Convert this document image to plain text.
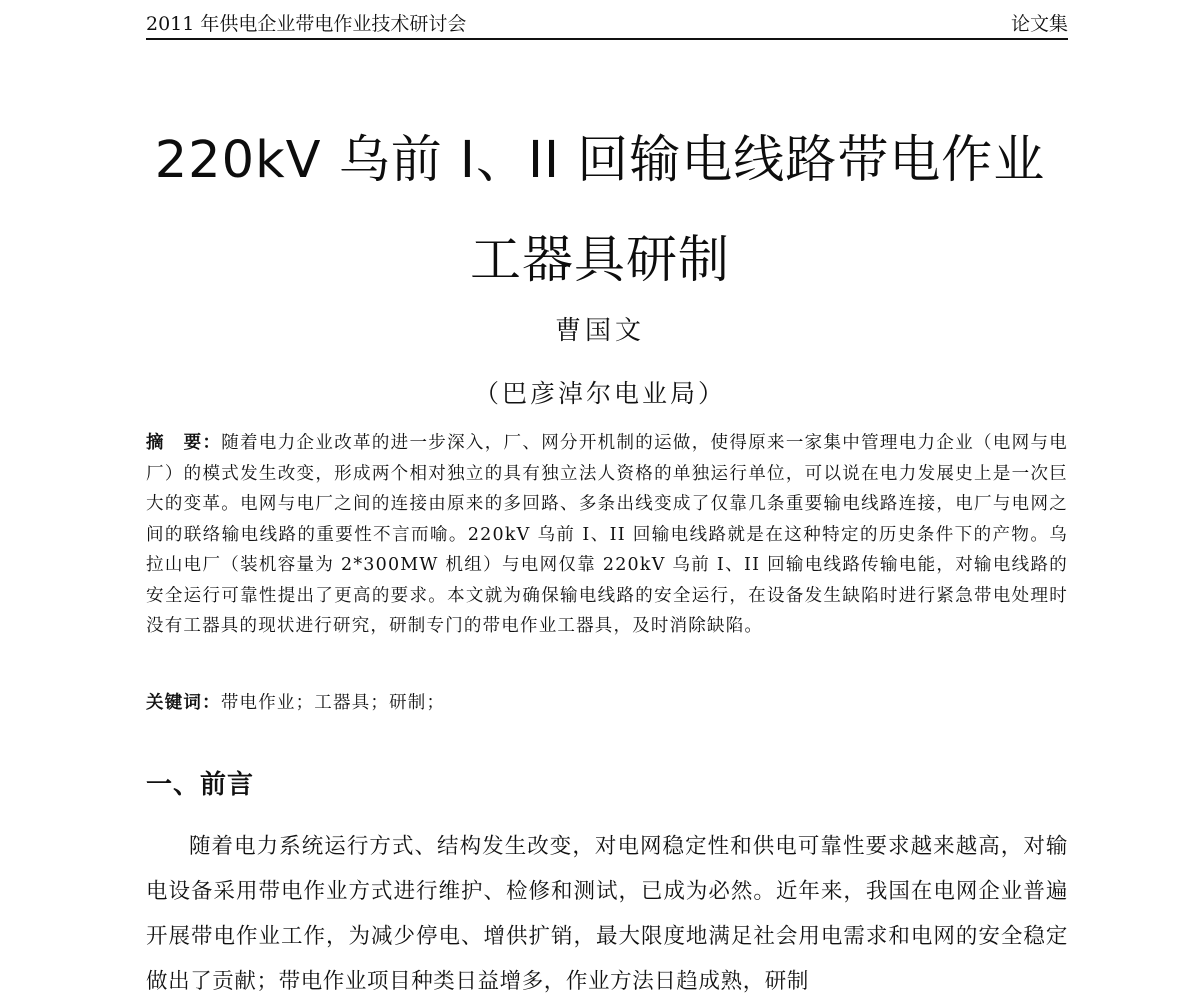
2011 年供电企业带电作业技术研讨会	论文集
220kV 乌前 I、II 回输电线路带电作业
工器具研制
曹国文
（巴彦淖尔电业局）
摘　要：随着电力企业改革的进一步深入，厂、网分开机制的运做，使得原来一家集中管理电力企业（电网与电厂）的模式发生改变，形成两个相对独立的具有独立法人资格的单独运行单位，可以说在电力发展史上是一次巨大的变革。电网与电厂之间的连接由原来的多回路、多条出线变成了仅靠几条重要输电线路连接，电厂与电网之间的联络输电线路的重要性不言而喻。220kV 乌前 I、II 回输电线路就是在这种特定的历史条件下的产物。乌拉山电厂（装机容量为 2*300MW 机组）与电网仅靠 220kV 乌前 I、II 回输电线路传输电能，对输电线路的安全运行可靠性提出了更高的要求。本文就为确保输电线路的安全运行，在设备发生缺陷时进行紧急带电处理时没有工器具的现状进行研究，研制专门的带电作业工器具，及时消除缺陷。
关键词：带电作业；工器具；研制；
一、前言
随着电力系统运行方式、结构发生改变，对电网稳定性和供电可靠性要求越来越高，对输电设备采用带电作业方式进行维护、检修和测试，已成为必然。近年来，我国在电网企业普遍开展带电作业工作，为减少停电、增供扩销，最大限度地满足社会用电需求和电网的安全稳定做出了贡献；带电作业项目种类日益增多，作业方法日趋成熟，研制
